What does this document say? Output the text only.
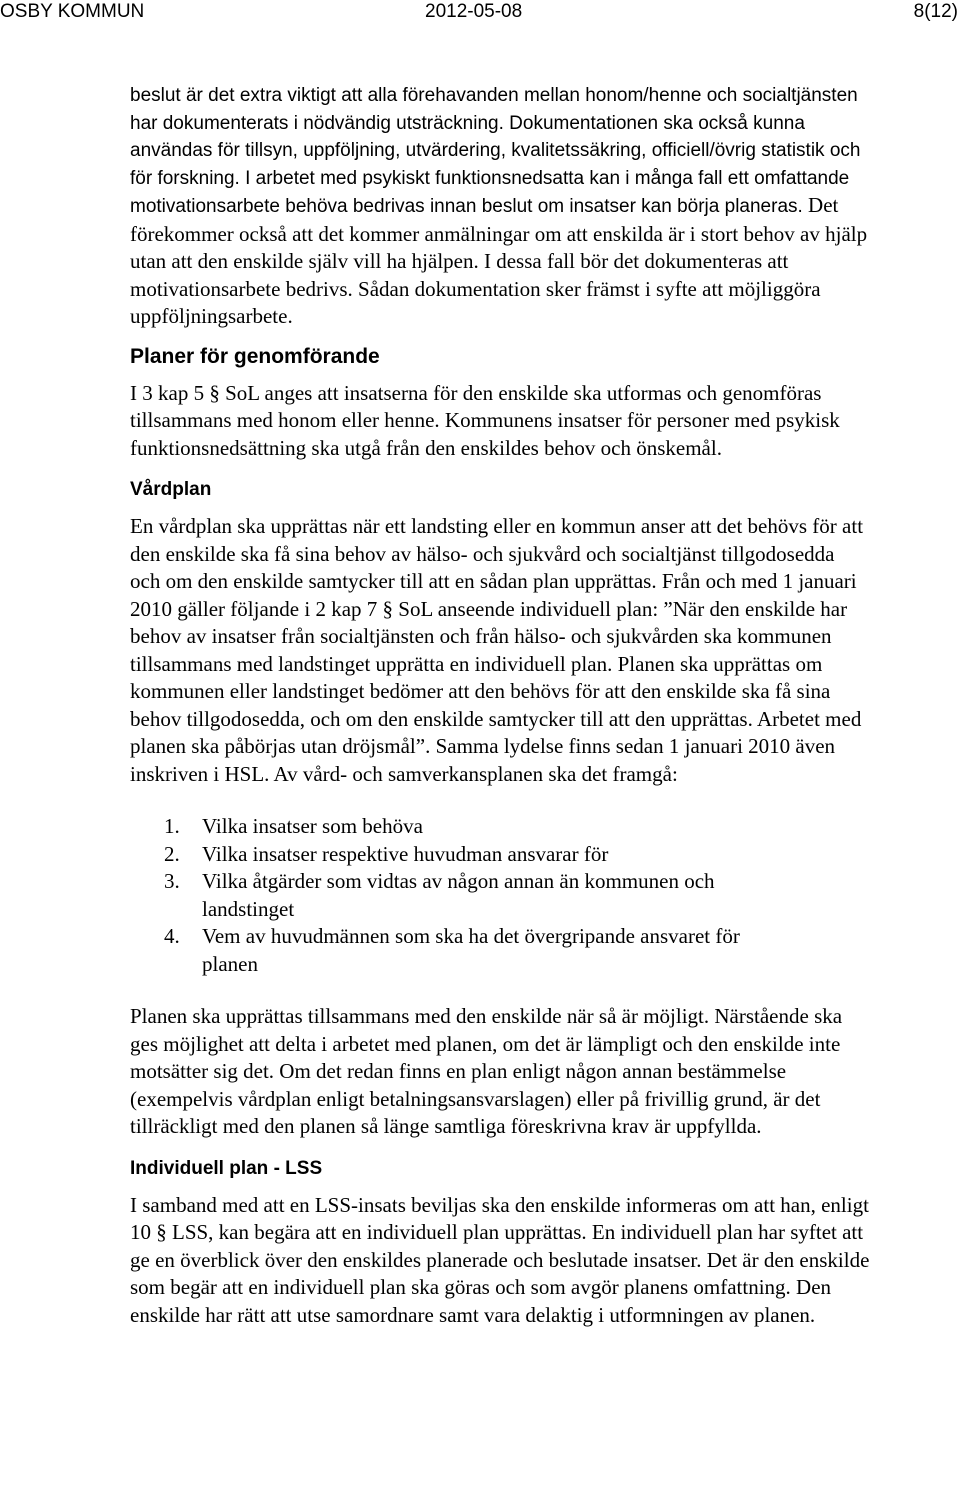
OSBY KOMMUN	2012-05-08	8(12)

beslut är det extra viktigt att alla förehavanden mellan honom/henne och socialtjänsten har dokumenterats i nödvändig utsträckning. Dokumentationen ska också kunna användas för tillsyn, uppföljning, utvärdering, kvalitetssäkring, officiell/övrig statistik och för forskning. I arbetet med psykiskt funktionsnedsatta kan i många fall ett omfattande motivationsarbete behöva bedrivas innan beslut om insatser kan börja planeras. Det förekommer också att det kommer anmälningar om att enskilda är i stort behov av hjälp utan att den enskilde själv vill ha hjälpen. I dessa fall bör det dokumenteras att motivationsarbete bedrivs. Sådan dokumentation sker främst i syfte att möjliggöra uppföljningsarbete.

Planer för genomförande

I 3 kap 5 § SoL anges att insatserna för den enskilde ska utformas och genomföras tillsammans med honom eller henne. Kommunens insatser för personer med psykisk funktionsnedsättning ska utgå från den enskildes behov och önskemål.

Vårdplan

En vårdplan ska upprättas när ett landsting eller en kommun anser att det behövs för att den enskilde ska få sina behov av hälso- och sjukvård och socialtjänst tillgodosedda och om den enskilde samtycker till att en sådan plan upprättas. Från och med 1 januari 2010 gäller följande i 2 kap 7 § SoL anseende individuell plan: ”När den enskilde har behov av insatser från socialtjänsten och från hälso- och sjukvården ska kommunen tillsammans med landstinget upprätta en individuell plan. Planen ska upprättas om kommunen eller landstinget bedömer att den behövs för att den enskilde ska få sina behov tillgodosedda, och om den enskilde samtycker till att den upprättas. Arbetet med planen ska påbörjas utan dröjsmål”. Samma lydelse finns sedan 1 januari 2010 även inskriven i HSL. Av vård- och samverkansplanen ska det framgå:

1. Vilka insatser som behöva
2. Vilka insatser respektive huvudman ansvarar för
3. Vilka åtgärder som vidtas av någon annan än kommunen och landstinget
4. Vem av huvudmännen som ska ha det övergripande ansvaret för planen

Planen ska upprättas tillsammans med den enskilde när så är möjligt. Närstående ska ges möjlighet att delta i arbetet med planen, om det är lämpligt och den enskilde inte motsätter sig det. Om det redan finns en plan enligt någon annan bestämmelse (exempelvis vårdplan enligt betalningsansvarslagen) eller på frivillig grund, är det tillräckligt med den planen så länge samtliga föreskrivna krav är uppfyllda.

Individuell plan - LSS

I samband med att en LSS-insats beviljas ska den enskilde informeras om att han, enligt 10 § LSS, kan begära att en individuell plan upprättas. En individuell plan har syftet att ge en överblick över den enskildes planerade och beslutade insatser. Det är den enskilde som begär att en individuell plan ska göras och som avgör planens omfattning. Den enskilde har rätt att utse samordnare samt vara delaktig i utformningen av planen.
